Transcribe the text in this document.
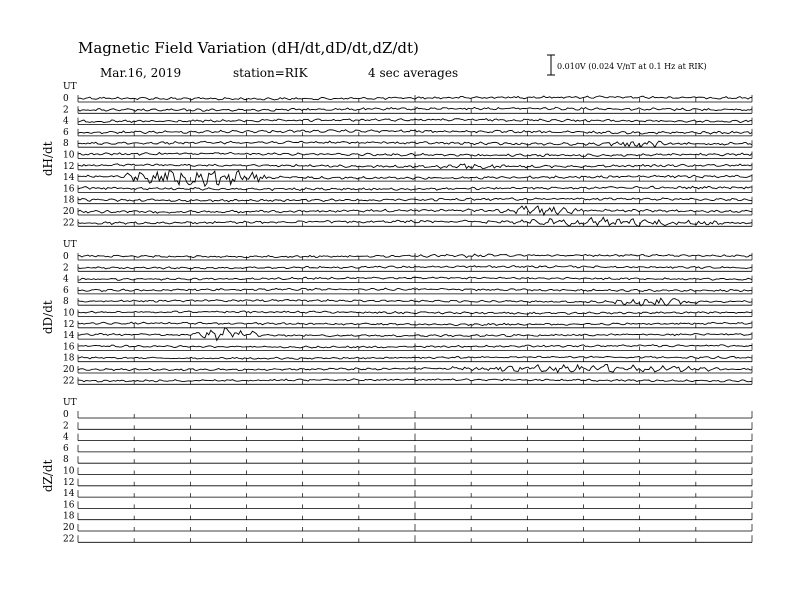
Magnetic Field Variation (dH/dt,dD/dt,dZ/dt)
Mar.16, 2019	station=RIK	4 sec averages	0.010V (0.024 V/nT at 0.1 Hz at RIK)
UT
dH/dt
0
2
4
6
8
10
12
14
16
18
20
22
UT
dD/dt
0
2
4
6
8
10
12
14
16
18
20
22
UT
dZ/dt
0
2
4
6
8
10
12
14
16
18
20
22
